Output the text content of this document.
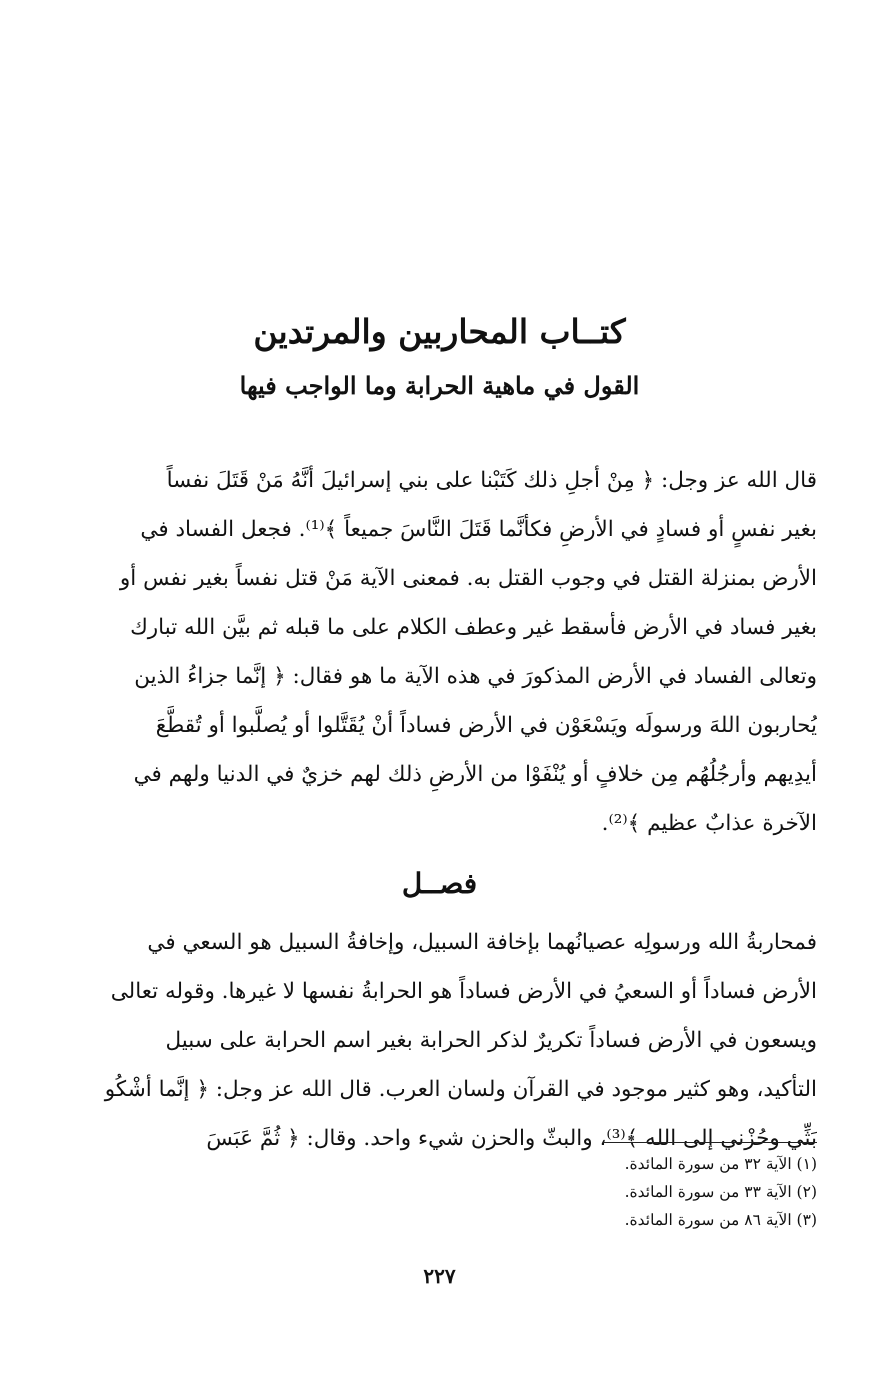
كتــاب المحاربين والمرتدين
القول في ماهية الحرابة وما الواجب فيها
قال الله عز وجل: ﴿ مِنْ أجلِ ذلك كَتَبْنا على بني إسرائيلَ أنَّهُ مَنْ قَتَلَ نفساً
بغير نفسٍ أو فسادٍ في الأرضِ فكأنَّما قَتَلَ النَّاسَ جميعاً ﴾⁽¹⁾. فجعل الفساد في
الأرض بمنزلة القتل في وجوب القتل به. فمعنى الآية مَنْ قتل نفساً بغير نفس أو
بغير فساد في الأرض فأسقط غير وعطف الكلام على ما قبله ثم بيَّن الله تبارك
وتعالى الفساد في الأرض المذكورَ في هذه الآية ما هو فقال: ﴿ إنَّما جزاءُ الذين
يُحاربون اللهَ ورسولَه ويَسْعَوْن في الأرض فساداً أنْ يُقَتَّلوا أو يُصلَّبوا أو تُقطَّعَ
أيدِيهم وأرجُلُهُم مِن خلافٍ أو يُنْفَوْا من الأرضِ ذلك لهم خزيٌ في الدنيا ولهم في
الآخرة عذابٌ عظيم ﴾⁽²⁾.
فصــل
فمحاربةُ الله ورسولِه عصيانُهما بإخافة السبيل، وإخافةُ السبيل هو السعي في
الأرض فساداً أو السعيُ في الأرض فساداً هو الحرابةُ نفسها لا غيرها. وقوله تعالى
ويسعون في الأرض فساداً تكريرٌ لذكر الحرابة بغير اسم الحرابة على سبيل
التأكيد، وهو كثير موجود في القرآن ولسان العرب. قال الله عز وجل: ﴿ إنَّما أشْكُو
بَثِّي وحُزْني إلى الله ﴾⁽³⁾، والبثّ والحزن شيء واحد. وقال: ﴿ ثُمَّ عَبَسَ
(١) الآية ٣٢ من سورة المائدة.
(٢) الآية ٣٣ من سورة المائدة.
(٣) الآية ٨٦ من سورة المائدة.
٢٢٧
